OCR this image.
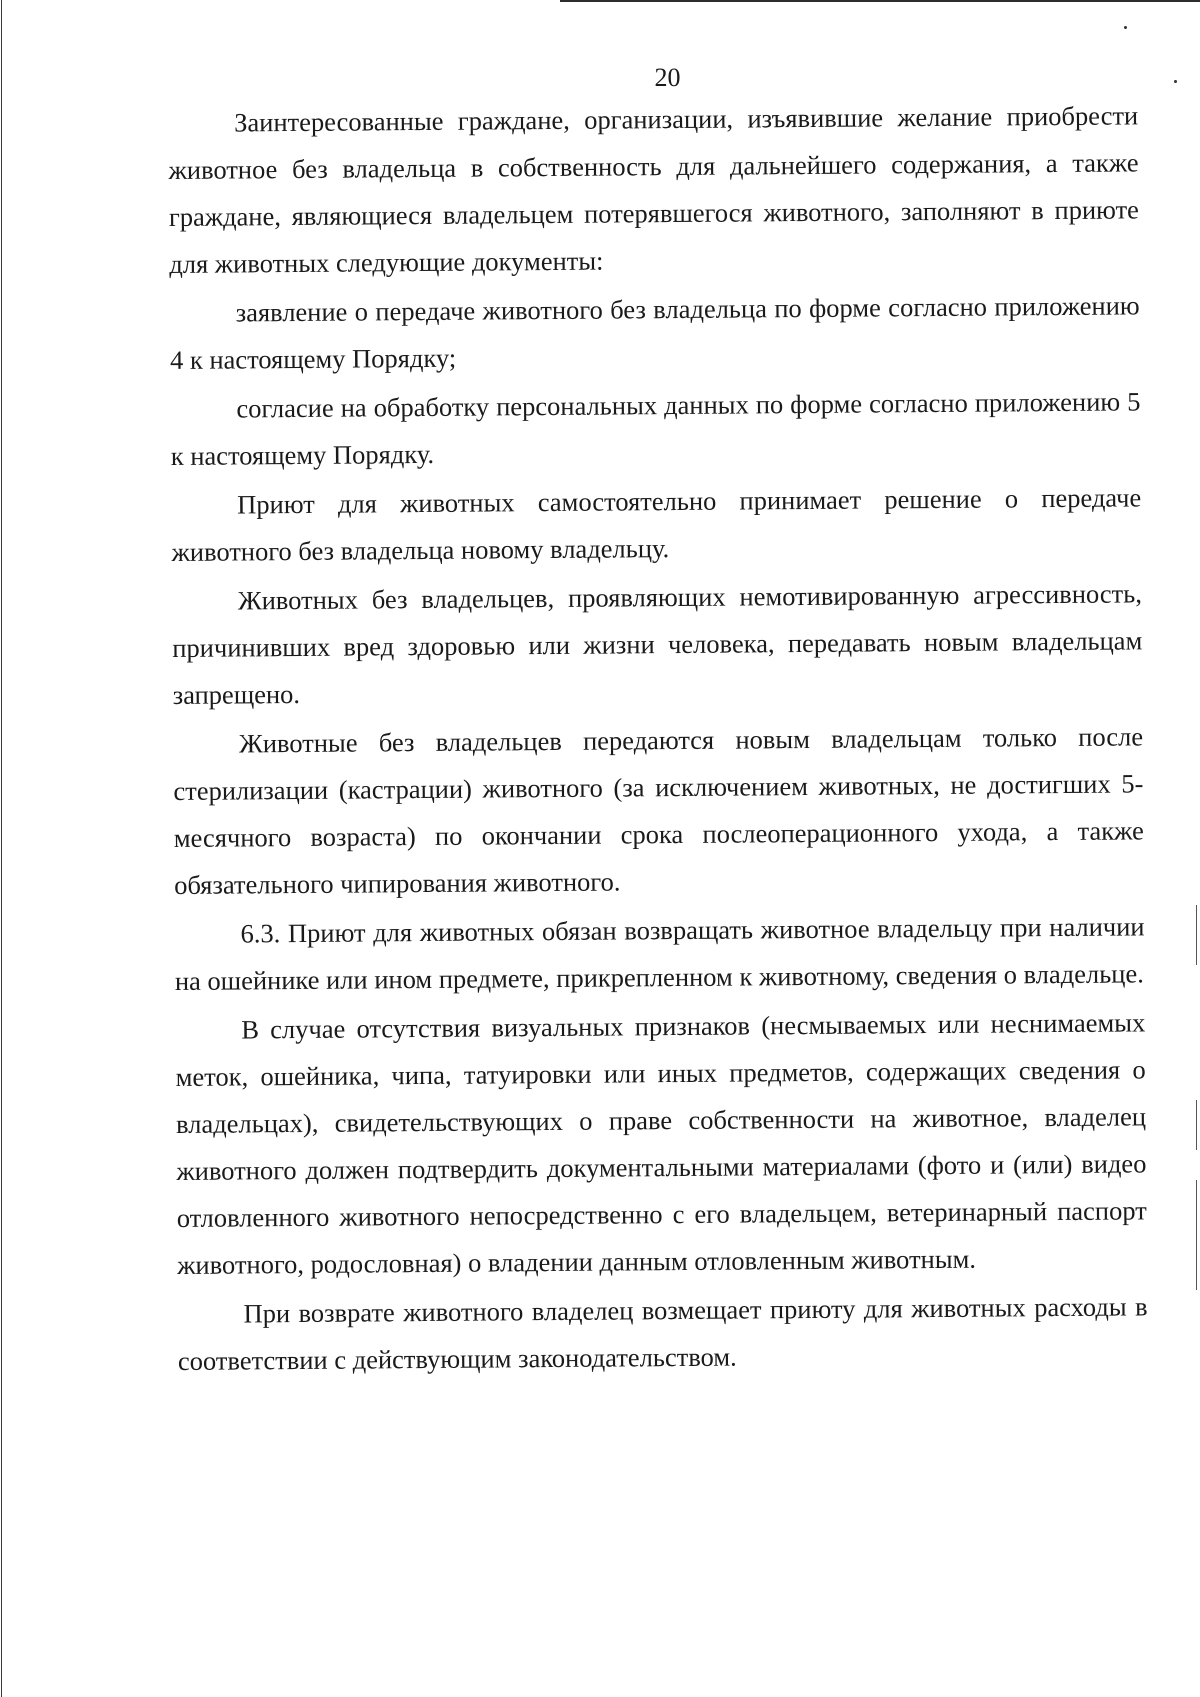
20

Заинтересованные граждане, организации, изъявившие желание приобрести животное без владельца в собственность для дальнейшего содержания, а также граждане, являющиеся владельцем потерявшегося животного, заполняют в приюте для животных следующие документы:

заявление о передаче животного без владельца по форме согласно приложению 4 к настоящему Порядку;

согласие на обработку персональных данных по форме согласно приложению 5 к настоящему Порядку.

Приют для животных самостоятельно принимает решение о передаче животного без владельца новому владельцу.

Животных без владельцев, проявляющих немотивированную агрессивность, причинивших вред здоровью или жизни человека, передавать новым владельцам запрещено.

Животные без владельцев передаются новым владельцам только после стерилизации (кастрации) животного (за исключением животных, не достигших 5-месячного возраста) по окончании срока послеоперационного ухода, а также обязательного чипирования животного.

6.3. Приют для животных обязан возвращать животное владельцу при наличии на ошейнике или ином предмете, прикрепленном к животному, сведения о владельце.

В случае отсутствия визуальных признаков (несмываемых или неснимаемых меток, ошейника, чипа, татуировки или иных предметов, содержащих сведения о владельцах), свидетельствующих о праве собственности на животное, владелец животного должен подтвердить документальными материалами (фото и (или) видео отловленного животного непосредственно с его владельцем, ветеринарный паспорт животного, родословная) о владении данным отловленным животным.

При возврате животного владелец возмещает приюту для животных расходы в соответствии с действующим законодательством.
